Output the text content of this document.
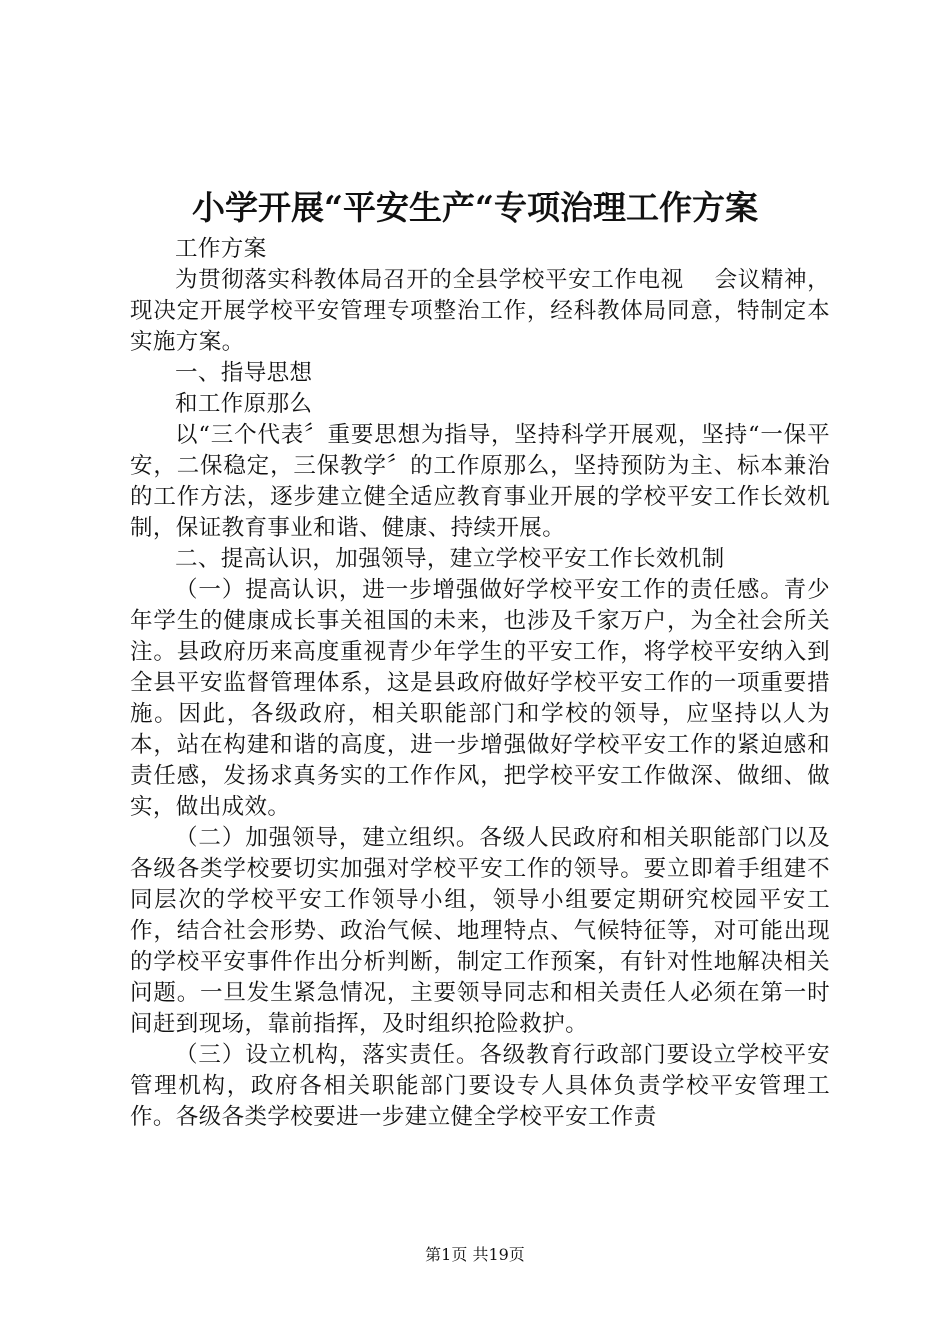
小学开展“平安生产“专项治理工作方案

工作方案

为贯彻落实科教体局召开的全县学校平安工作电视　 会议精神，现决定开展学校平安管理专项整治工作，经科教体局同意，特制定本实施方案。

一、指导思想

和工作原那么

以“三个代表〞重要思想为指导，坚持科学开展观，坚持“一保平安，二保稳定，三保教学〞的工作原那么，坚持预防为主、标本兼治的工作方法，逐步建立健全适应教育事业开展的学校平安工作长效机制，保证教育事业和谐、健康、持续开展。

二、提高认识，加强领导，建立学校平安工作长效机制

（一）提高认识，进一步增强做好学校平安工作的责任感。青少年学生的健康成长事关祖国的未来，也涉及千家万户，为全社会所关注。县政府历来高度重视青少年学生的平安工作，将学校平安纳入到全县平安监督管理体系，这是县政府做好学校平安工作的一项重要措施。因此，各级政府，相关职能部门和学校的领导，应坚持以人为本，站在构建和谐的高度，进一步增强做好学校平安工作的紧迫感和责任感，发扬求真务实的工作作风，把学校平安工作做深、做细、做实，做出成效。

（二）加强领导，建立组织。各级人民政府和相关职能部门以及各级各类学校要切实加强对学校平安工作的领导。要立即着手组建不同层次的学校平安工作领导小组，领导小组要定期研究校园平安工作，结合社会形势、政治气候、地理特点、气候特征等，对可能出现的学校平安事件作出分析判断，制定工作预案，有针对性地解决相关问题。一旦发生紧急情况，主要领导同志和相关责任人必须在第一时间赶到现场，靠前指挥，及时组织抢险救护。

（三）设立机构，落实责任。各级教育行政部门要设立学校平安管理机构，政府各相关职能部门要设专人具体负责学校平安管理工作。各级各类学校要进一步建立健全学校平安工作责

第1页 共19页
